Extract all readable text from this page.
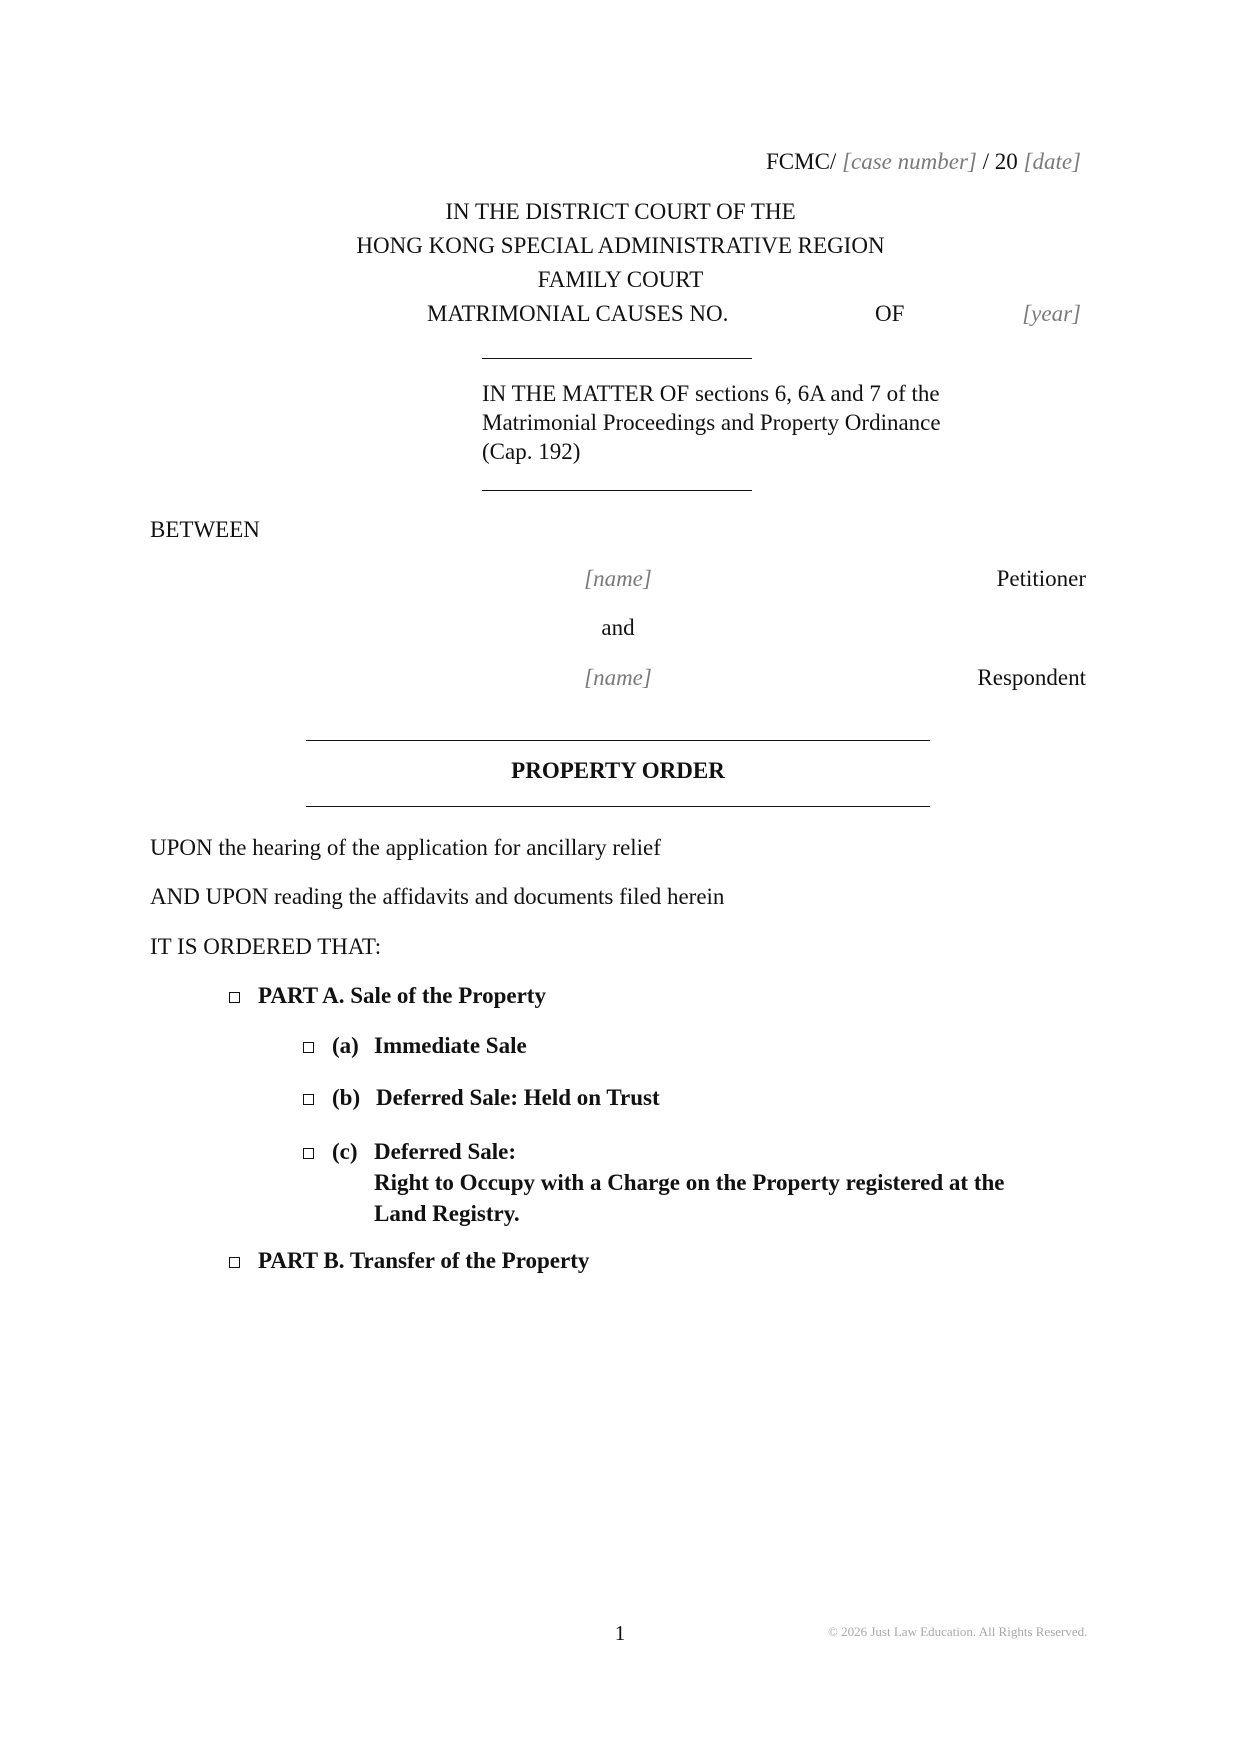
FCMC/ [case number] / 20 [date]
IN THE DISTRICT COURT OF THE
HONG KONG SPECIAL ADMINISTRATIVE REGION
FAMILY COURT
MATRIMONIAL CAUSES NO.	OF	[year]
IN THE MATTER OF sections 6, 6A and 7 of the
Matrimonial Proceedings and Property Ordinance
(Cap. 192)
BETWEEN
[name]	Petitioner
and
[name]	Respondent
PROPERTY ORDER
UPON the hearing of the application for ancillary relief
AND UPON reading the affidavits and documents filed herein
IT IS ORDERED THAT:
PART A. Sale of the Property
(a) Immediate Sale
(b) Deferred Sale: Held on Trust
(c) Deferred Sale:
Right to Occupy with a Charge on the Property registered at the
Land Registry.
PART B. Transfer of the Property
1	© 2026 Just Law Education. All Rights Reserved.
